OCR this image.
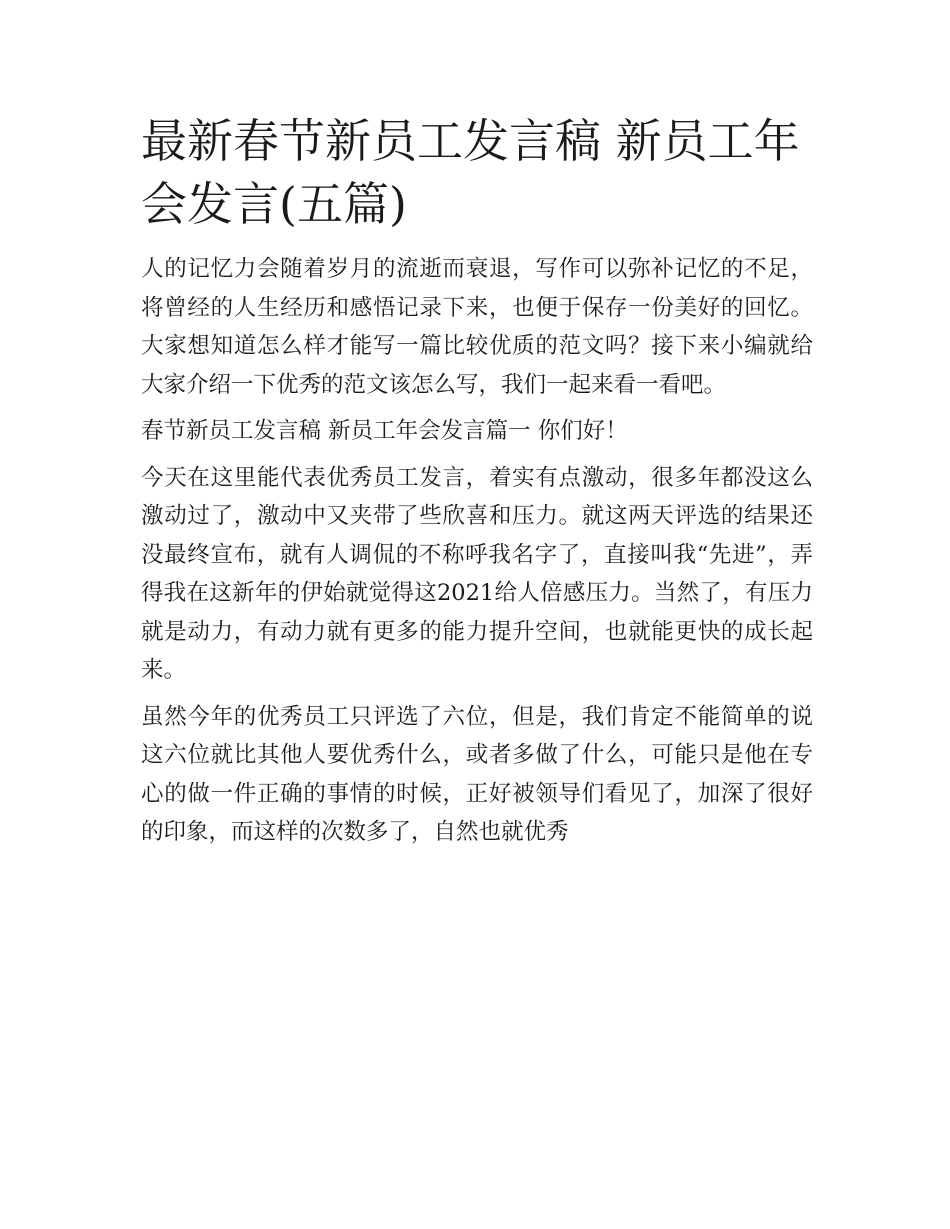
最新春节新员工发言稿 新员工年会发言(五篇)

人的记忆力会随着岁月的流逝而衰退，写作可以弥补记忆的不足，将曾经的人生经历和感悟记录下来，也便于保存一份美好的回忆。大家想知道怎么样才能写一篇比较优质的范文吗？接下来小编就给大家介绍一下优秀的范文该怎么写，我们一起来看一看吧。

春节新员工发言稿 新员工年会发言篇一 你们好！

今天在这里能代表优秀员工发言，着实有点激动，很多年都没这么激动过了，激动中又夹带了些欣喜和压力。就这两天评选的结果还没最终宣布，就有人调侃的不称呼我名字了，直接叫我“先进”，弄得我在这新年的伊始就觉得这2021给人倍感压力。当然了，有压力就是动力，有动力就有更多的能力提升空间，也就能更快的成长起来。

虽然今年的优秀员工只评选了六位，但是，我们肯定不能简单的说这六位就比其他人要优秀什么，或者多做了什么，可能只是他在专心的做一件正确的事情的时候，正好被领导们看见了，加深了很好的印象，而这样的次数多了，自然也就优秀
